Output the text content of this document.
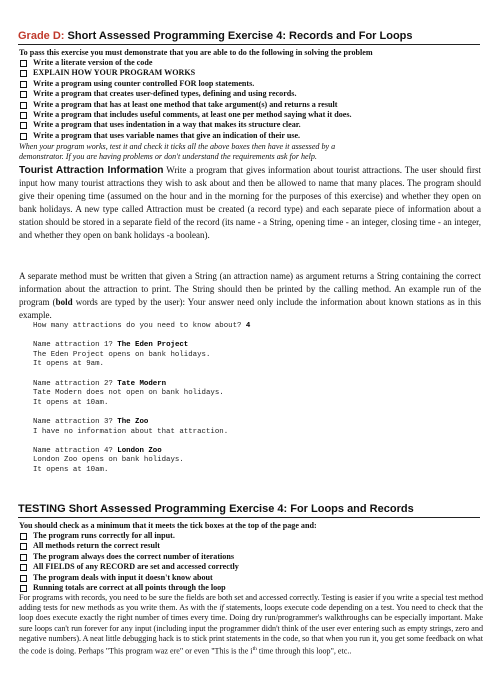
Grade D: Short Assessed Programming Exercise 4: Records and For Loops
To pass this exercise you must demonstrate that you are able to do the following in solving the problem
Write a literate version of the code
EXPLAIN HOW YOUR PROGRAM WORKS
Write a program using counter controlled FOR loop statements.
Write a program that creates user-defined types, defining and using records.
Write a program that has at least one method that take argument(s) and returns a result
Write a program that includes useful comments, at least one per method saying what it does.
Write a program that uses indentation in a way that makes its structure clear.
Write a program that uses variable names that give an indication of their use.
When your program works, test it and check it ticks all the above boxes then have it assessed by a
demonstrator. If you are having problems or don't understand the requirements ask for help.

Tourist Attraction Information Write a program that gives information about tourist attractions. The user should first input how many tourist attractions they wish to ask about and then be allowed to name that many places. The program should give their opening time (assumed on the hour and in the morning for the purposes of this exercise) and whether they open on bank holidays. A new type called Attraction must be created (a record type) and each separate piece of information about a station should be stored in a separate field of the record (its name - a String, opening time - an integer, closing time - an integer, and whether they open on bank holidays -a boolean).

A separate method must be written that given a String (an attraction name) as argument returns a String containing the correct information about the attraction to print. The String should then be printed by the calling method. An example run of the program (bold words are typed by the user): Your answer need only include the information about known stations as in this example.

How many attractions do you need to know about? 4
Name attraction 1? The Eden Project
The Eden Project opens on bank holidays.
It opens at 9am.
Name attraction 2? Tate Modern
Tate Modern does not open on bank holidays.
It opens at 10am.
Name attraction 3? The Zoo
I have no information about that attraction.
Name attraction 4? London Zoo
London Zoo opens on bank holidays.
It opens at 10am.
TESTING Short Assessed Programming Exercise 4: For Loops and Records
You should check as a minimum that it meets the tick boxes at the top of the page and:
The program runs correctly for all input.
All methods return the correct result
The program always does the correct number of iterations
All FIELDS of any RECORD are set and accessed correctly
The program deals with input it doesn't know about
Running totals are correct at all points through the loop

For programs with records, you need to be sure the fields are both set and accessed correctly. Testing is easier if you write a special test method adding tests for new methods as you write them. As with the if statements, loops execute code depending on a test. You need to check that the loop does execute exactly the right number of times every time. Doing dry run/programmer's walkthroughs can be especially important. Make sure loops can't run forever for any input (including input the programmer didn't think of the user ever entering such as empty strings, zero and negative numbers). A neat little debugging hack is to stick print statements in the code, so that when you run it, you get some feedback on what the code is doing. Perhaps "This program waz ere" or even "This is the $i^{th}$ time through this loop", etc..
